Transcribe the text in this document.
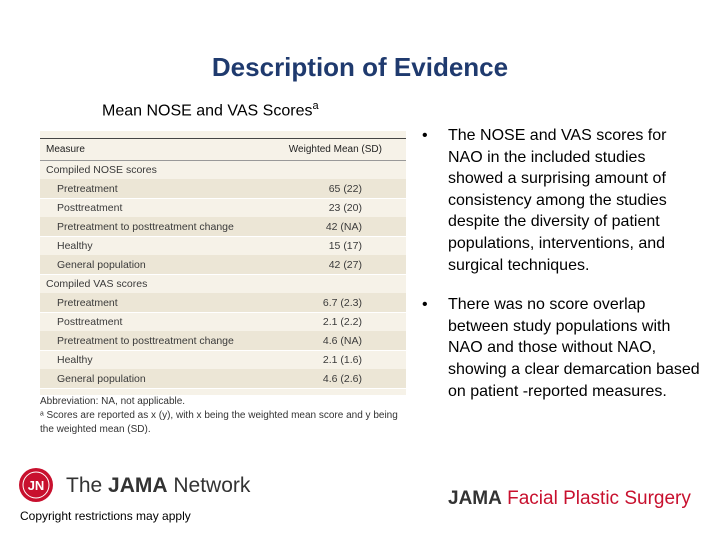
Description of Evidence
Mean NOSE and VAS Scores$^a$
Measure	Weighted Mean (SD)
Compiled NOSE scores
Pretreatment	65 (22)
Posttreatment	23 (20)
Pretreatment to posttreatment change	42 (NA)
Healthy	15 (17)
General population	42 (27)
Compiled VAS scores
Pretreatment	6.7 (2.3)
Posttreatment	2.1 (2.2)
Pretreatment to posttreatment change	4.6 (NA)
Healthy	2.1 (1.6)
General population	4.6 (2.6)
Abbreviation: NA, not applicable.
ᵃ Scores are reported as x (y), with x being the weighted mean score and y being the weighted mean (SD).
• The NOSE and VAS scores for NAO in the included studies showed a surprising amount of consistency among the studies despite the diversity of patient populations, interventions, and surgical techniques.
• There was no score overlap between study populations with NAO and those without NAO, showing a clear demarcation based on patient -reported measures.
JN The JAMA Network
Copyright restrictions may apply
JAMA Facial Plastic Surgery
